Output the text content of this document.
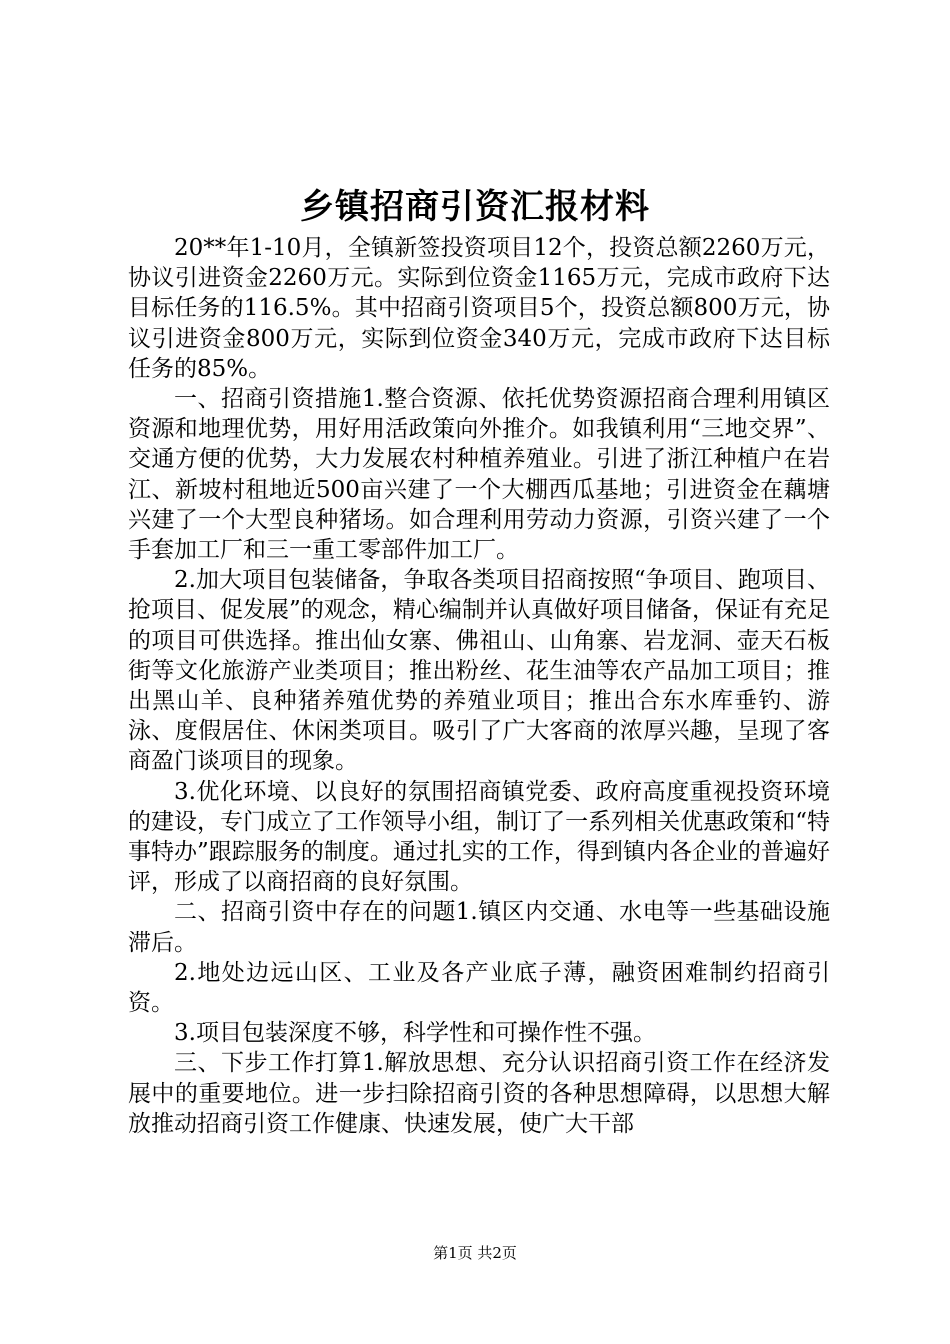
乡镇招商引资汇报材料

20**年1-10月，全镇新签投资项目12个，投资总额2260万元，协议引进资金2260万元。实际到位资金1165万元，完成市政府下达目标任务的116.5%。其中招商引资项目5个，投资总额800万元，协议引进资金800万元，实际到位资金340万元，完成市政府下达目标任务的85%。

一、招商引资措施1.整合资源、依托优势资源招商合理利用镇区资源和地理优势，用好用活政策向外推介。如我镇利用“三地交界”、交通方便的优势，大力发展农村种植养殖业。引进了浙江种植户在岩江、新坡村租地近500亩兴建了一个大棚西瓜基地；引进资金在藕塘兴建了一个大型良种猪场。如合理利用劳动力资源，引资兴建了一个手套加工厂和三一重工零部件加工厂。

2.加大项目包装储备，争取各类项目招商按照“争项目、跑项目、抢项目、促发展”的观念，精心编制并认真做好项目储备，保证有充足的项目可供选择。推出仙女寨、佛祖山、山角寨、岩龙洞、壶天石板街等文化旅游产业类项目；推出粉丝、花生油等农产品加工项目；推出黑山羊、良种猪养殖优势的养殖业项目；推出合东水库垂钓、游泳、度假居住、休闲类项目。吸引了广大客商的浓厚兴趣，呈现了客商盈门谈项目的现象。

3.优化环境、以良好的氛围招商镇党委、政府高度重视投资环境的建设，专门成立了工作领导小组，制订了一系列相关优惠政策和“特事特办”跟踪服务的制度。通过扎实的工作，得到镇内各企业的普遍好评，形成了以商招商的良好氛围。

二、招商引资中存在的问题1.镇区内交通、水电等一些基础设施滞后。

2.地处边远山区、工业及各产业底子薄，融资困难制约招商引资。

3.项目包装深度不够，科学性和可操作性不强。

三、下步工作打算1.解放思想、充分认识招商引资工作在经济发展中的重要地位。进一步扫除招商引资的各种思想障碍，以思想大解放推动招商引资工作健康、快速发展，使广大干部

第1页 共2页
